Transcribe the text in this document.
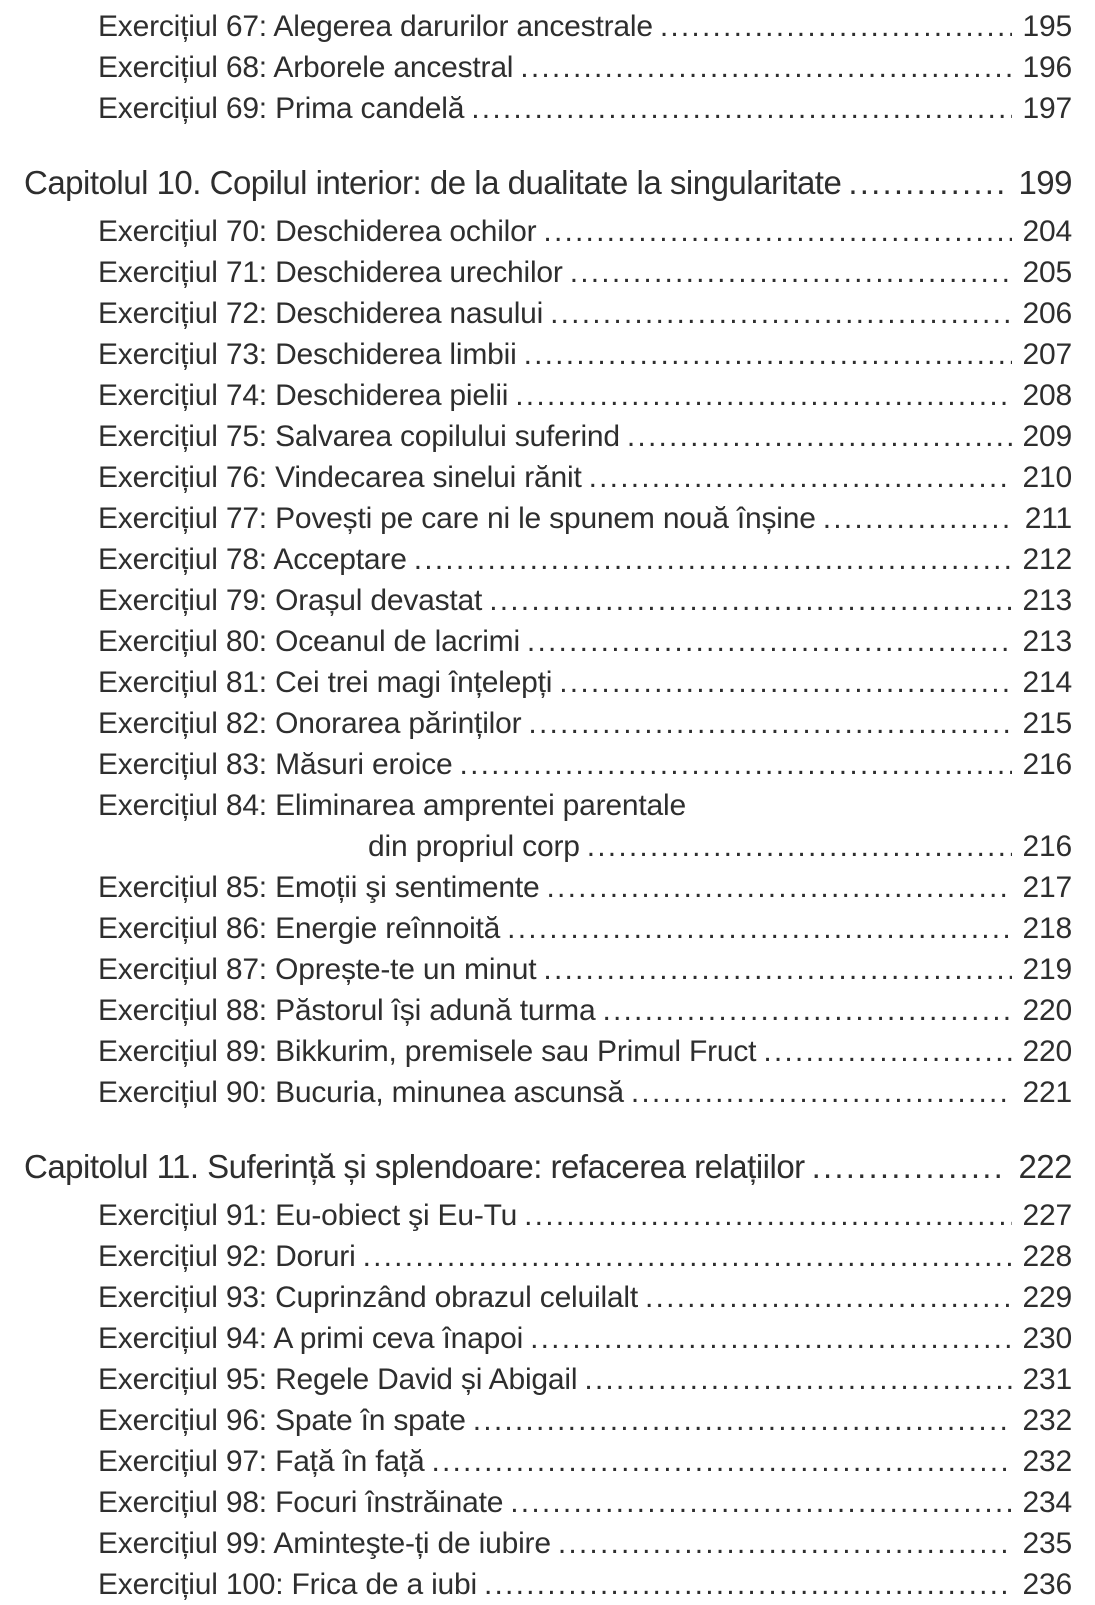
Exercițiul 67: Alegerea darurilor ancestrale .....	195
Exercițiul 68: Arborele ancestral .....	196
Exercițiul 69: Prima candelă .....	197
Capitolul 10. Copilul interior: de la dualitate la singularitate .....	199
Exercițiul 70: Deschiderea ochilor .....	204
Exercițiul 71: Deschiderea urechilor .....	205
Exercițiul 72: Deschiderea nasului .....	206
Exercițiul 73: Deschiderea limbii .....	207
Exercițiul 74: Deschiderea pielii .....	208
Exercițiul 75: Salvarea copilului suferind .....	209
Exercițiul 76: Vindecarea sinelui rănit .....	210
Exercițiul 77: Povești pe care ni le spunem nouă înșine .....	211
Exercițiul 78: Acceptare .....	212
Exercițiul 79: Orașul devastat .....	213
Exercițiul 80: Oceanul de lacrimi .....	213
Exercițiul 81: Cei trei magi înțelepți .....	214
Exercițiul 82: Onorarea părinților .....	215
Exercițiul 83: Măsuri eroice .....	216
Exercițiul 84: Eliminarea amprentei parentale
din propriul corp .....	216
Exercițiul 85: Emoții şi sentimente .....	217
Exercițiul 86: Energie reînnoită .....	218
Exercițiul 87: Oprește-te un minut .....	219
Exercițiul 88: Păstorul își adună turma .....	220
Exercițiul 89: Bikkurim, premisele sau Primul Fruct .....	220
Exercițiul 90: Bucuria, minunea ascunsă .....	221
Capitolul 11. Suferință și splendoare: refacerea relațiilor .....	222
Exercițiul 91: Eu-obiect şi Eu-Tu .....	227
Exercițiul 92: Doruri .....	228
Exercițiul 93: Cuprinzând obrazul celuilalt .....	229
Exercițiul 94: A primi ceva înapoi .....	230
Exercițiul 95: Regele David și Abigail .....	231
Exercițiul 96: Spate în spate .....	232
Exercițiul 97: Față în față .....	232
Exercițiul 98: Focuri înstrăinate .....	234
Exercițiul 99: Aminteşte-ți de iubire .....	235
Exercițiul 100: Frica de a iubi .....	236
